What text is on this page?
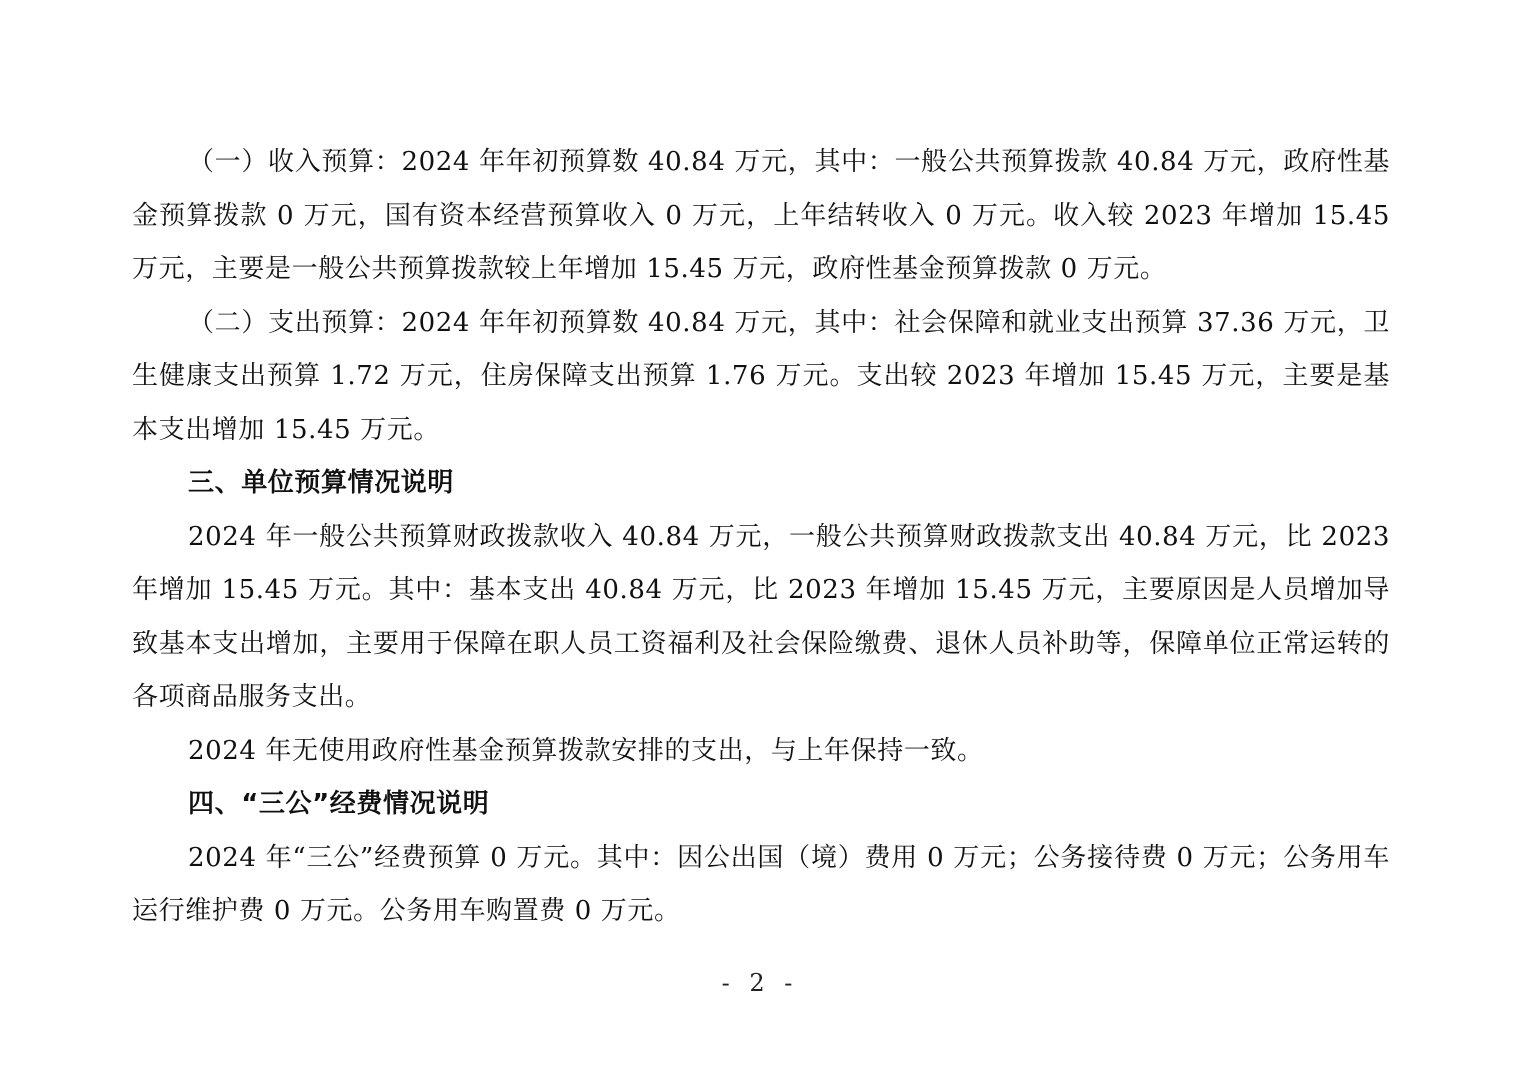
（一）收入预算：2024 年年初预算数 40.84 万元，其中：一般公共预算拨款 40.84 万元，政府性基金预算拨款 0 万元，国有资本经营预算收入 0 万元，上年结转收入 0 万元。收入较 2023 年增加 15.45 万元，主要是一般公共预算拨款较上年增加 15.45 万元，政府性基金预算拨款 0 万元。

（二）支出预算：2024 年年初预算数 40.84 万元，其中：社会保障和就业支出预算 37.36 万元，卫生健康支出预算 1.72 万元，住房保障支出预算 1.76 万元。支出较 2023 年增加 15.45 万元，主要是基本支出增加 15.45 万元。

三、单位预算情况说明

2024 年一般公共预算财政拨款收入 40.84 万元，一般公共预算财政拨款支出 40.84 万元，比 2023 年增加 15.45 万元。其中：基本支出 40.84 万元，比 2023 年增加 15.45 万元，主要原因是人员增加导致基本支出增加，主要用于保障在职人员工资福利及社会保险缴费、退休人员补助等，保障单位正常运转的各项商品服务支出。

2024 年无使用政府性基金预算拨款安排的支出，与上年保持一致。

四、“三公”经费情况说明

2024 年“三公”经费预算 0 万元。其中：因公出国（境）费用 0 万元；公务接待费 0 万元；公务用车运行维护费 0 万元。公务用车购置费 0 万元。

- 2 -
